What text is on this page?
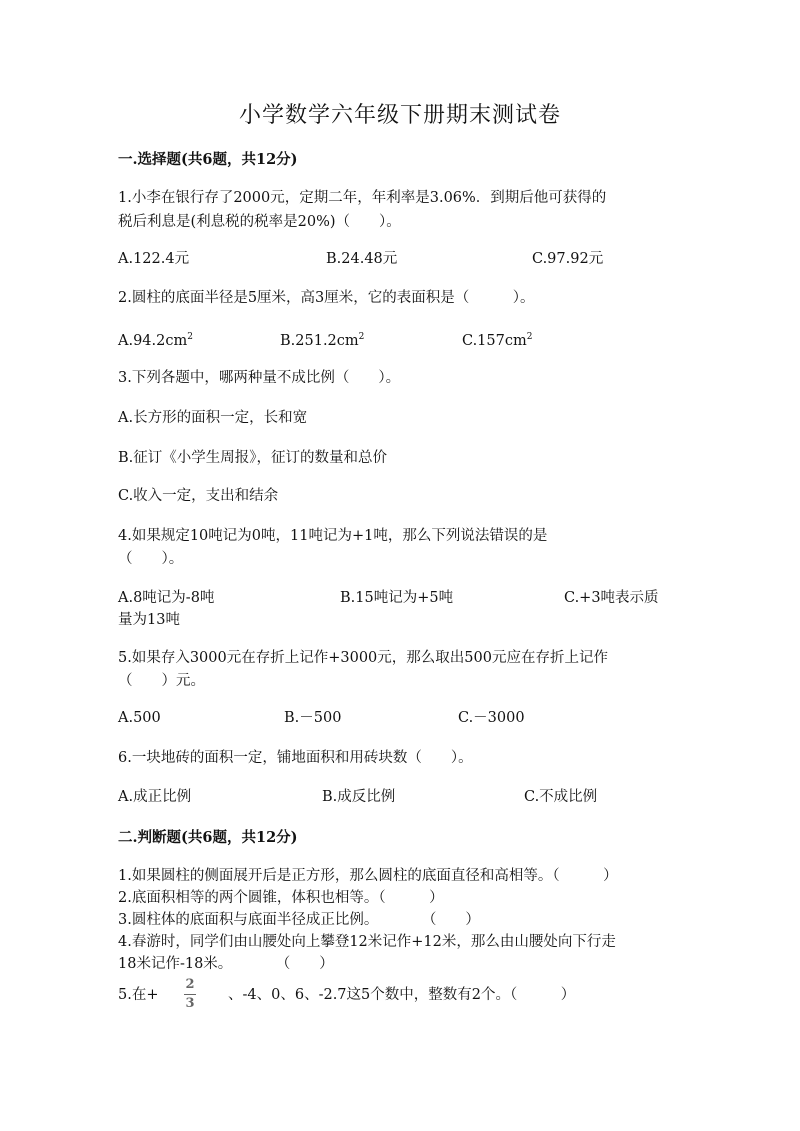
小学数学六年级下册期末测试卷
一.选择题(共6题，共12分)
1.小李在银行存了2000元，定期二年，年利率是3.06%．到期后他可获得的
税后利息是(利息税的税率是20%)（　　）。
A.122.4元	B.24.48元	C.97.92元
2.圆柱的底面半径是5厘米，高3厘米，它的表面积是（　　　）。
$A.94.2cm^2$	$B.251.2cm^2$	$C.157cm^2$
3.下列各题中，哪两种量不成比例（　　）。
A.长方形的面积一定，长和宽
B.征订《小学生周报》，征订的数量和总价
C.收入一定，支出和结余
4.如果规定10吨记为0吨，11吨记为+1吨，那么下列说法错误的是
（　　）。
A.8吨记为-8吨	B.15吨记为+5吨	C.+3吨表示质
量为13吨
5.如果存入3000元在存折上记作+3000元，那么取出500元应在存折上记作
（　　）元。
A.500	B.－500	C.－3000
6.一块地砖的面积一定，铺地面积和用砖块数（　　）。
A.成正比例	B.成反比例	C.不成比例
二.判断题(共6题，共12分)
1.如果圆柱的侧面展开后是正方形，那么圆柱的底面直径和高相等。（　　　）
2.底面积相等的两个圆锥，体积也相等。（　　　）
3.圆柱体的底面积与底面半径成正比例。　　　　（　　）
4.春游时，同学们由山腰处向上攀登12米记作+12米，那么由山腰处向下行走
18米记作-18米。　　　　（　　）
5.在+
2
3
、-4、0、6、-2.7这5个数中，整数有2个。（　　　）
